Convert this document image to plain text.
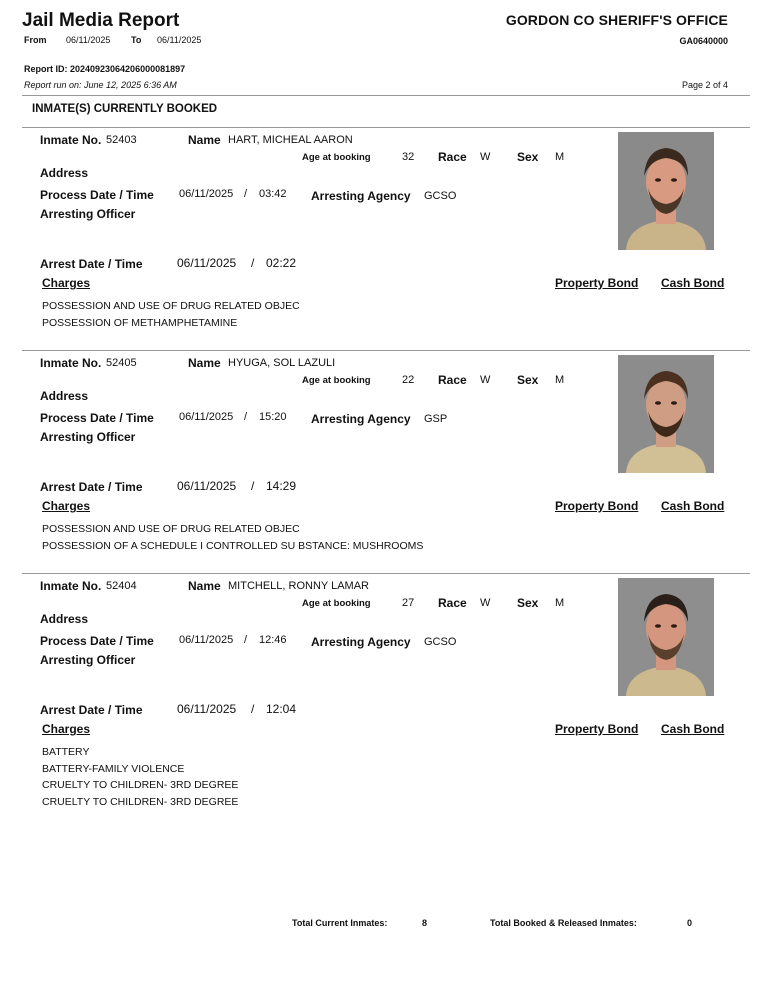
Jail Media Report
From 06/11/2025 To 06/11/2025
GORDON CO SHERIFF'S OFFICE
GA0640000
Report ID: 20240923064206000081897
Report run on: June 12, 2025 6:36 AM	Page 2 of 4
INMATE(S) CURRENTLY BOOKED
Inmate No. 52403	Name HART, MICHEAL AARON
Age at booking	32 Race W Sex M
Address
Process Date / Time 06/11/2025 / 03:42 Arresting Agency GCSO
Arresting Officer
Arrest Date / Time	06/11/2025 / 02:22
Charges	Property Bond Cash Bond
POSSESSION AND USE OF DRUG RELATED OBJEC
POSSESSION OF METHAMPHETAMINE
Inmate No. 52405	Name HYUGA, SOL LAZULI
Age at booking	22 Race W Sex M
Address
Process Date / Time 06/11/2025 / 15:20 Arresting Agency GSP
Arresting Officer
Arrest Date / Time	06/11/2025 / 14:29
Charges	Property Bond Cash Bond
POSSESSION AND USE OF DRUG RELATED OBJEC
POSSESSION OF A SCHEDULE I CONTROLLED SU BSTANCE: MUSHROOMS
Inmate No. 52404	Name MITCHELL, RONNY LAMAR
Age at booking	27 Race W Sex M
Address
Process Date / Time 06/11/2025 / 12:46 Arresting Agency GCSO
Arresting Officer
Arrest Date / Time	06/11/2025 / 12:04
Charges	Property Bond Cash Bond
BATTERY
BATTERY-FAMILY VIOLENCE
CRUELTY TO CHILDREN- 3RD DEGREE
CRUELTY TO CHILDREN- 3RD DEGREE
Total Current Inmates:	8	Total Booked & Released Inmates:	0
